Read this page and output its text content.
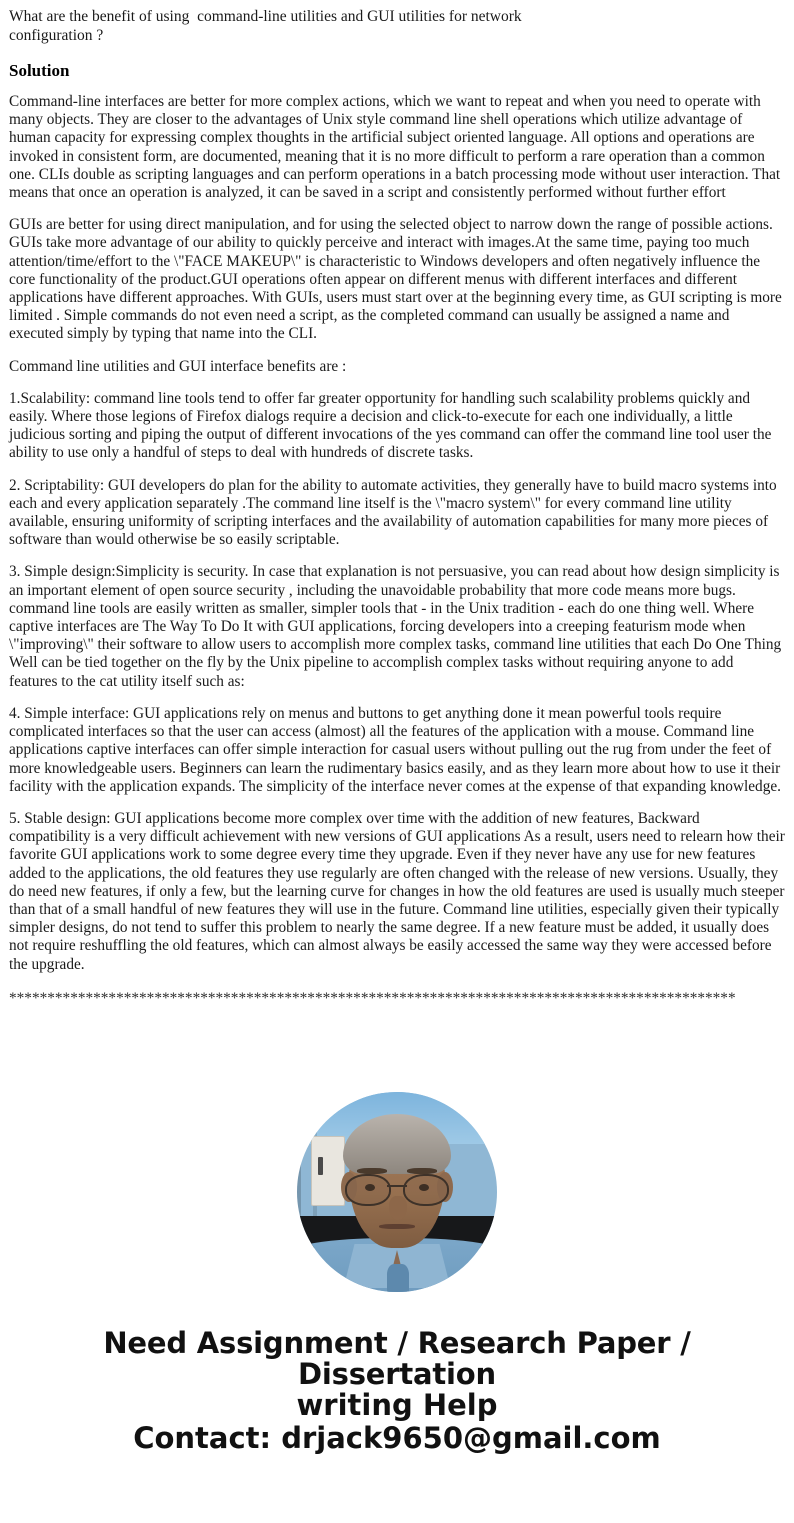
What are the benefit of using  command-line utilities and GUI utilities for network configuration ?
Solution

Command-line interfaces are better for more complex actions, which we want to repeat and when you need to operate with many objects. They are closer to the advantages of Unix style command line shell operations which utilize advantage of human capacity for expressing complex thoughts in the artificial subject oriented language. All options and operations are invoked in consistent form, are documented, meaning that it is no more difficult to perform a rare operation than a common one. CLIs double as scripting languages and can perform operations in a batch processing mode without user interaction. That means that once an operation is analyzed, it can be saved in a script and consistently performed without further effort

GUIs are better for using direct manipulation, and for using the selected object to narrow down the range of possible actions. GUIs take more advantage of our ability to quickly perceive and interact with images.At the same time, paying too much attention/time/effort to the \"FACE MAKEUP\" is characteristic to Windows developers and often negatively influence the core functionality of the product.GUI operations often appear on different menus with different interfaces and different applications have different approaches. With GUIs, users must start over at the beginning every time, as GUI scripting is more limited . Simple commands do not even need a script, as the completed command can usually be assigned a name and executed simply by typing that name into the CLI.

Command line utilities and GUI interface benefits are :

1.Scalability: command line tools tend to offer far greater opportunity for handling such scalability problems quickly and easily. Where those legions of Firefox dialogs require a decision and click-to-execute for each one individually, a little judicious sorting and piping the output of different invocations of the yes command can offer the command line tool user the ability to use only a handful of steps to deal with hundreds of discrete tasks.

2. Scriptability: GUI developers do plan for the ability to automate activities, they generally have to build macro systems into each and every application separately .The command line itself is the \"macro system\" for every command line utility available, ensuring uniformity of scripting interfaces and the availability of automation capabilities for many more pieces of software than would otherwise be so easily scriptable.

3. Simple design:Simplicity is security. In case that explanation is not persuasive, you can read about how design simplicity is an important element of open source security , including the unavoidable probability that more code means more bugs. command line tools are easily written as smaller, simpler tools that - in the Unix tradition - each do one thing well. Where captive interfaces are The Way To Do It with GUI applications, forcing developers into a creeping featurism mode when \"improving\" their software to allow users to accomplish more complex tasks, command line utilities that each Do One Thing Well can be tied together on the fly by the Unix pipeline to accomplish complex tasks without requiring anyone to add features to the cat utility itself such as:

4. Simple interface: GUI applications rely on menus and buttons to get anything done it mean powerful tools require complicated interfaces so that the user can access (almost) all the features of the application with a mouse. Command line applications captive interfaces can offer simple interaction for casual users without pulling out the rug from under the feet of more knowledgeable users. Beginners can learn the rudimentary basics easily, and as they learn more about how to use it their facility with the application expands. The simplicity of the interface never comes at the expense of that expanding knowledge.

5. Stable design: GUI applications become more complex over time with the addition of new features, Backward compatibility is a very difficult achievement with new versions of GUI applications As a result, users need to relearn how their favorite GUI applications work to some degree every time they upgrade. Even if they never have any use for new features added to the applications, the old features they use regularly are often changed with the release of new versions. Usually, they do need new features, if only a few, but the learning curve for changes in how the old features are used is usually much steeper than that of a small handful of new features they will use in the future. Command line utilities, especially given their typically simpler designs, do not tend to suffer this problem to nearly the same degree. If a new feature must be added, it usually does not require reshuffling the old features, which can almost always be easily accessed the same way they were accessed before the upgrade.

***********************************************************************************************
Need Assignment / Research Paper / Dissertation
writing Help
Contact: drjack9650@gmail.com
